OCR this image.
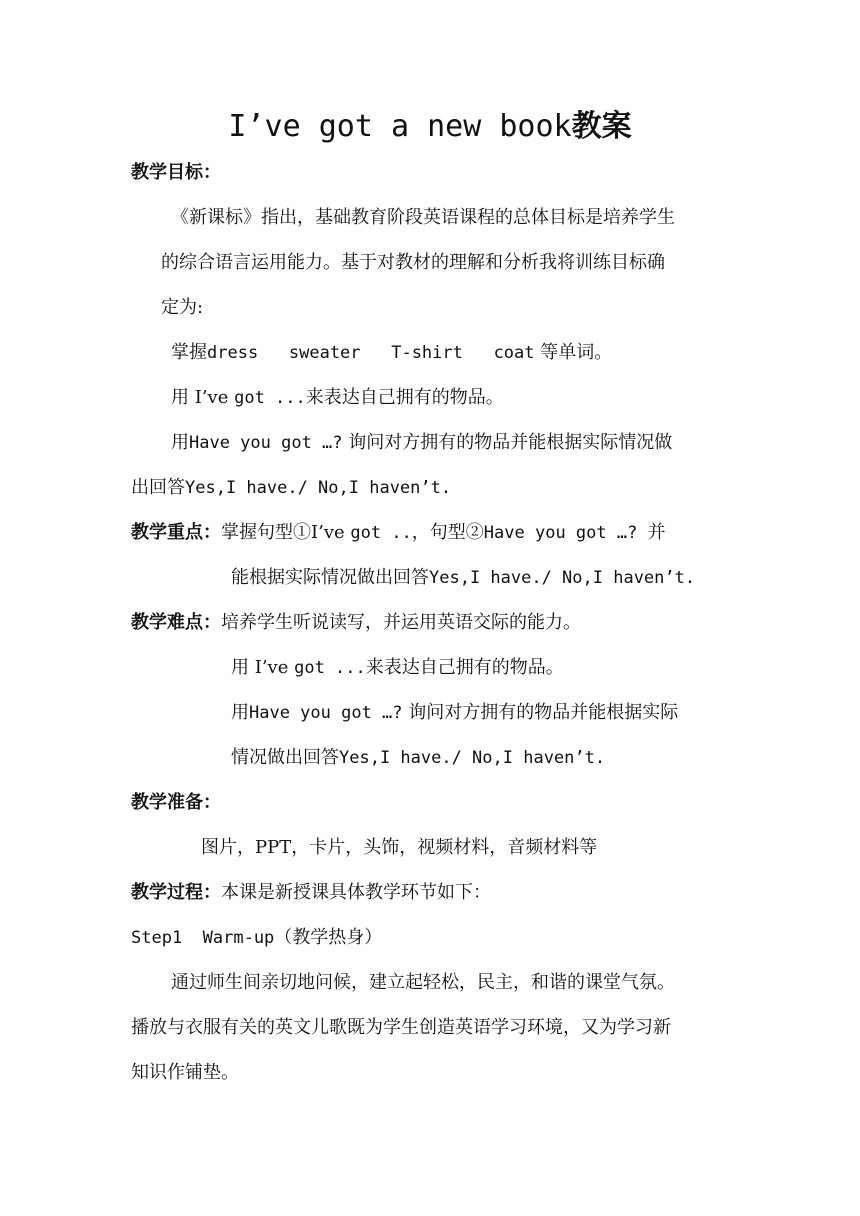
I’ve got a new book教案
教学目标：
《新课标》指出，基础教育阶段英语课程的总体目标是培养学生
的综合语言运用能力。基于对教材的理解和分析我将训练目标确
定为:
掌握dress   sweater   T-shirt   coat 等单词。
用 I’ve got ...来表达自己拥有的物品。
用Have you got …? 询问对方拥有的物品并能根据实际情况做
出回答Yes,I have./ No,I haven’t.
教学重点：掌握句型①I’ve got ..，句型②Have you got …? 并
能根据实际情况做出回答Yes,I have./ No,I haven’t.
教学难点：培养学生听说读写，并运用英语交际的能力。
用 I’ve got ...来表达自己拥有的物品。
用Have you got …? 询问对方拥有的物品并能根据实际
情况做出回答Yes,I have./ No,I haven’t.
教学准备：
图片，PPT，卡片，头饰，视频材料，音频材料等
教学过程：本课是新授课具体教学环节如下：
Step1  Warm-up（教学热身）
通过师生间亲切地问候，建立起轻松，民主，和谐的课堂气氛。
播放与衣服有关的英文儿歌既为学生创造英语学习环境，又为学习新
知识作铺垫。
